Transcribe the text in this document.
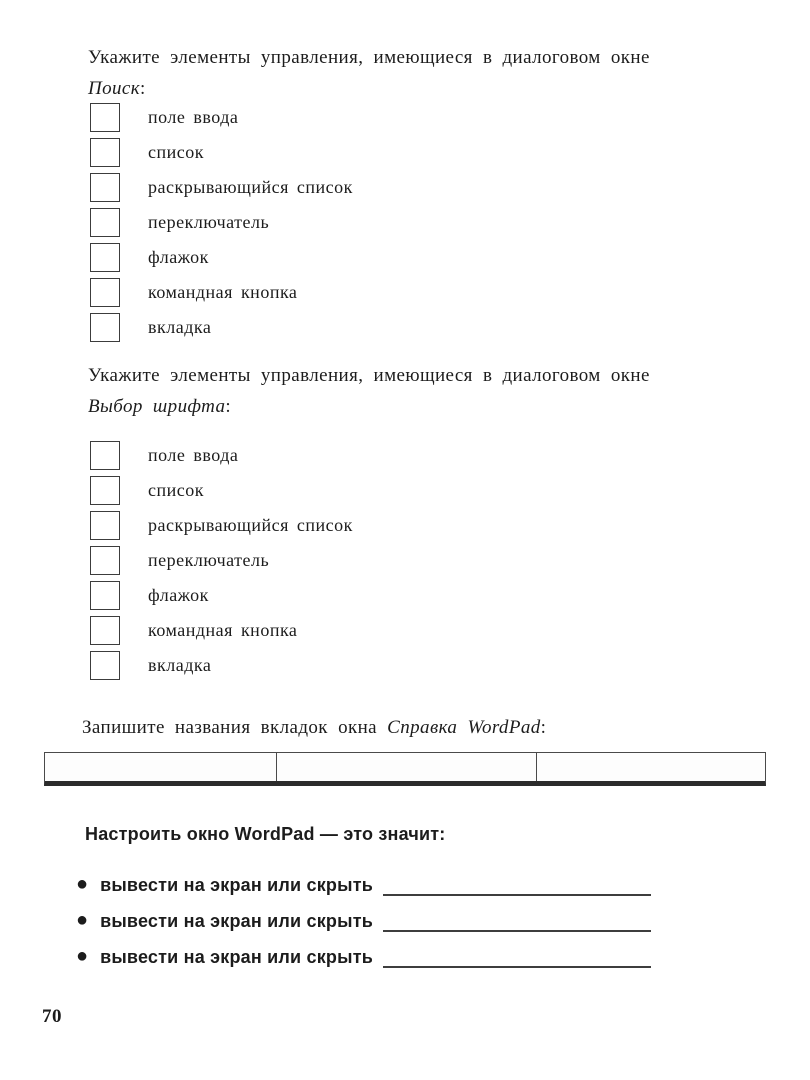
Укажите элементы управления, имеющиеся в диалоговом окне
Поиск:

поле ввода
список
раскрывающийся список
переключатель
флажок
командная кнопка
вкладка

Укажите элементы управления, имеющиеся в диалоговом окне
Выбор шрифта:

поле ввода
список
раскрывающийся список
переключатель
флажок
командная кнопка
вкладка

Запишите названия вкладок окна Справка WordPad:

Настроить окно WordPad — это значит:

● вывести на экран или скрыть
● вывести на экран или скрыть
● вывести на экран или скрыть
70
